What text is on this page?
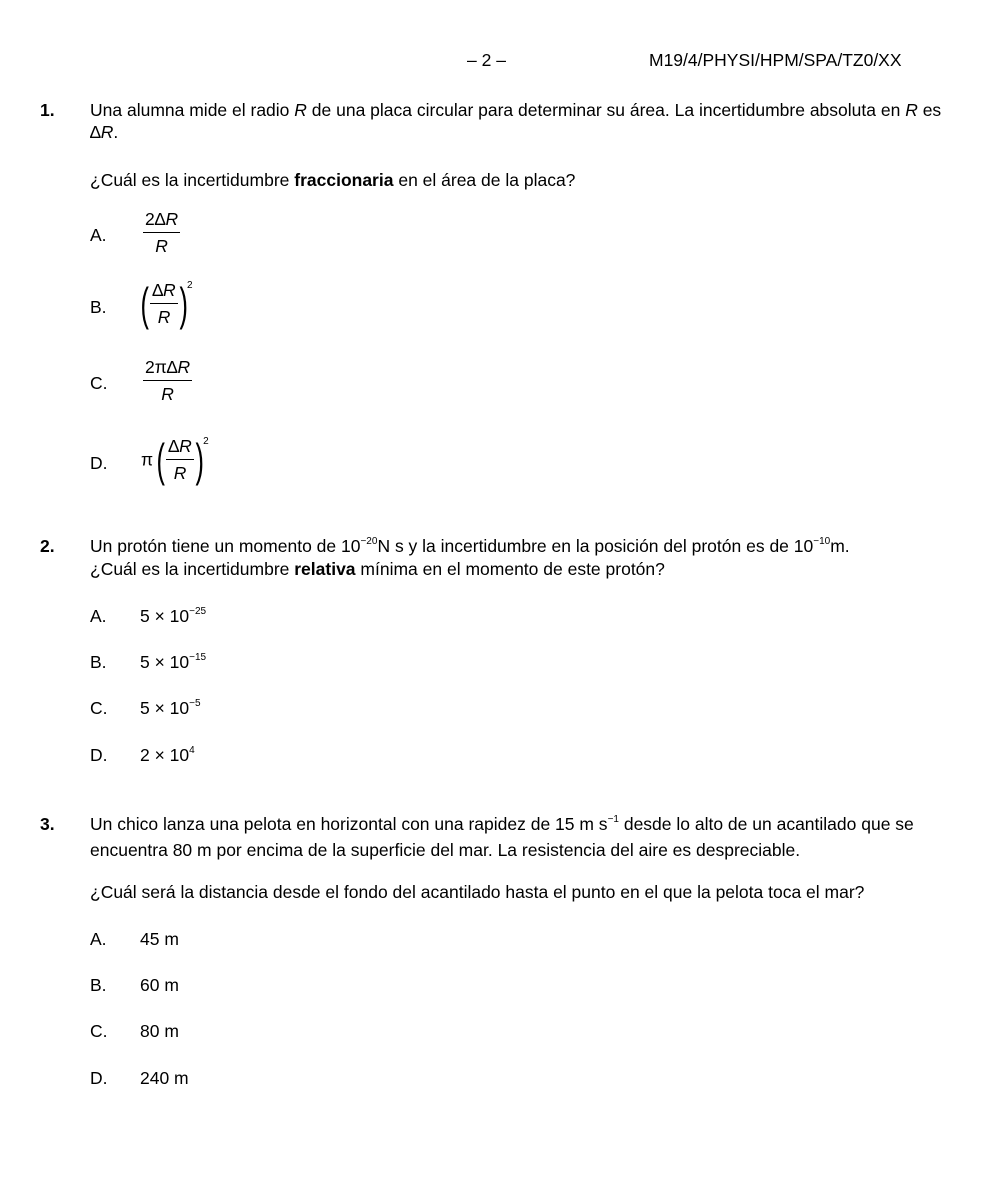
– 2 –	M19/4/PHYSI/HPM/SPA/TZ0/XX
1. Una alumna mide el radio R de una placa circular para determinar su área. La incertidumbre absoluta en R es ∆R.
¿Cuál es la incertidumbre fraccionaria en el área de la placa?
A. $\frac{2\Delta R}{R}$
B. ( $\frac{\Delta R}{R} )^2$
C. $\frac{2\pi\Delta R}{R}$
D. $\pi( \frac{\Delta R}{R} )^2$
2. Un protón tiene un momento de $10^{-20}N$ s y la incertidumbre en la posición del protón es de $10^{-10}m$.
¿Cuál es la incertidumbre relativa mínima en el momento de este protón?
A. $5 \times 10^{-25}$
B. $5 \times 10^{-15}$
C. $5 \times 10^{-5}$
D. $2 \times 10^4$
3. Un chico lanza una pelota en horizontal con una rapidez de 15 m $s^{-1}$ desde lo alto de un acantilado que se encuentra 80 m por encima de la superficie del mar. La resistencia del aire es despreciable.
¿Cuál será la distancia desde el fondo del acantilado hasta el punto en el que la pelota toca el mar?
A. 45 m
B. 60 m
C. 80 m
D. 240 m
